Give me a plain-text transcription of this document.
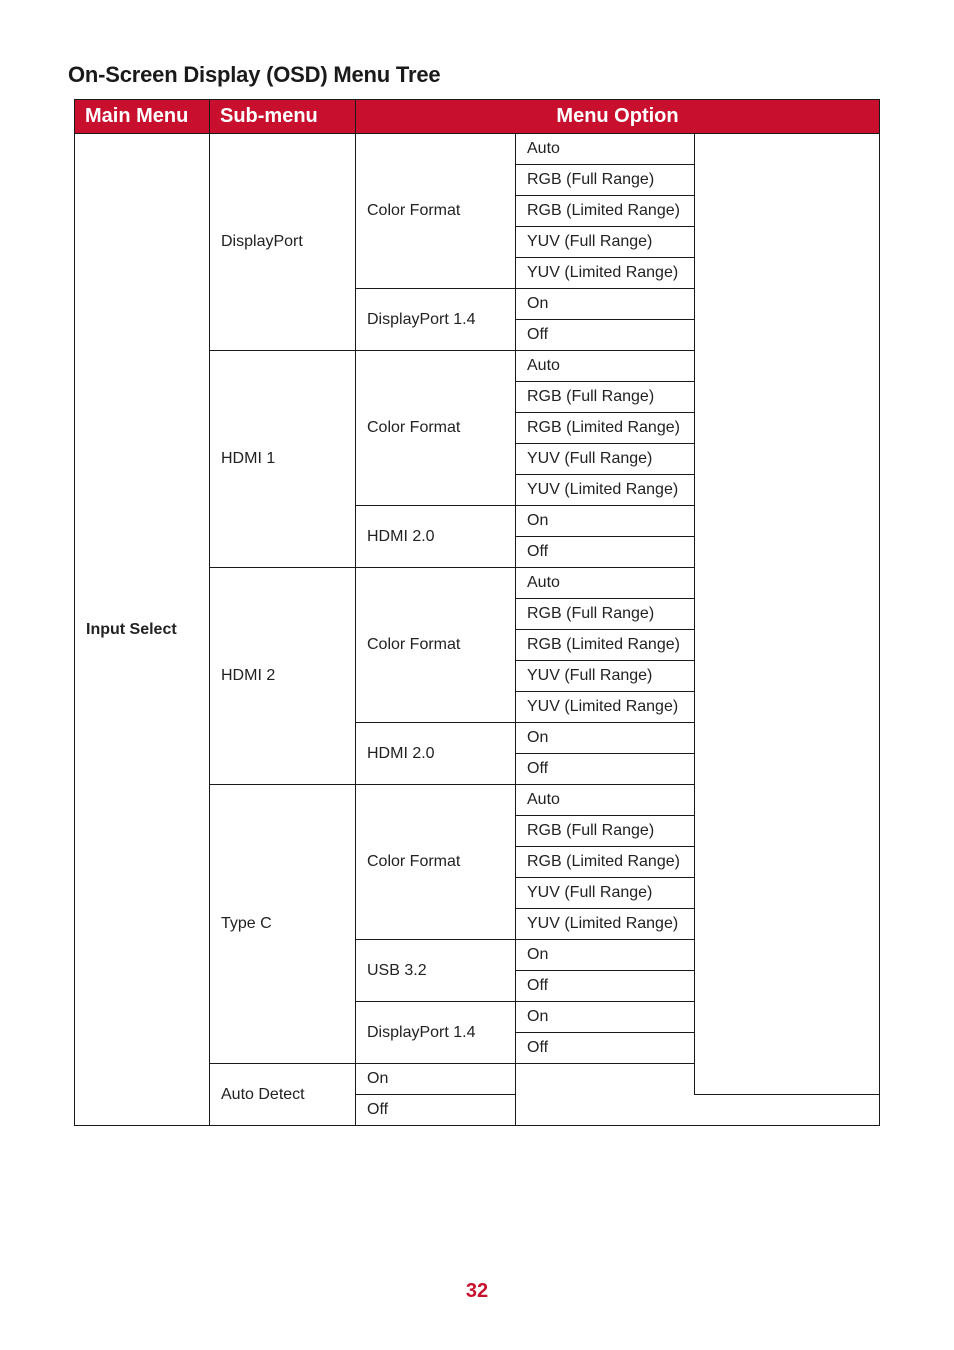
On-Screen Display (OSD) Menu Tree
Main Menu	Sub-menu	Menu Option		
Input Select	DisplayPort	Color Format	Auto	
			RGB (Full Range)	
			RGB (Limited Range)	
			YUV (Full Range)	
			YUV (Limited Range)	
		DisplayPort 1.4	On	
			Off	
	HDMI 1	Color Format	Auto	
			RGB (Full Range)	
			RGB (Limited Range)	
			YUV (Full Range)	
			YUV (Limited Range)	
		HDMI 2.0	On	
			Off	
	HDMI 2	Color Format	Auto	
			RGB (Full Range)	
			RGB (Limited Range)	
			YUV (Full Range)	
			YUV (Limited Range)	
		HDMI 2.0	On	
			Off	
	Type C	Color Format	Auto	
			RGB (Full Range)	
			RGB (Limited Range)	
			YUV (Full Range)	
			YUV (Limited Range)	
		USB 3.2	On	
			Off	
		DisplayPort 1.4	On	
			Off	
	Auto Detect	On		
		Off		
32
